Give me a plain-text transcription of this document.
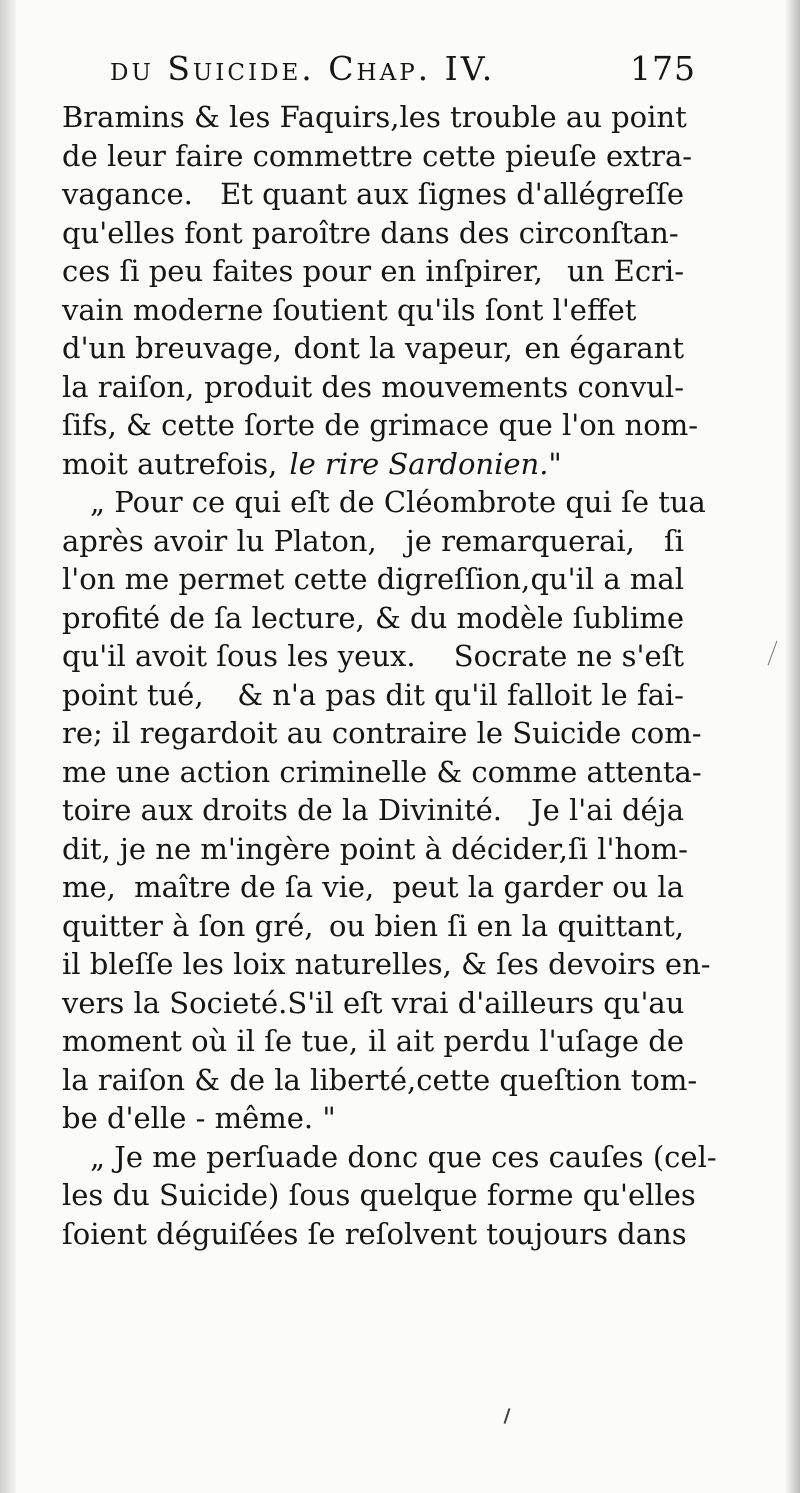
du Suicide. Chap. IV.	175
Bramins & les Faquirs, les trouble au point
de leur faire commettre cette pieuſe extra-
vagance. Et quant aux ſignes d'allégreſſe
qu'elles font paroître dans des circonſtan-
ces ſi peu faites pour en inſpirer, un Ecri-
vain moderne ſoutient qu'ils ſont l'effet
d'un breuvage, dont la vapeur, en égarant
la raiſon, produit des mouvements convul-
ſifs, & cette ſorte de grimace que l'on nom-
moit autrefois, le rire Sardonien."
„ Pour ce qui eſt de Cléombrote qui ſe tua
après avoir lu Platon, je remarquerai, ſi
l'on me permet cette digreſſion, qu'il a mal
profité de ſa lecture, & du modèle ſublime
qu'il avoit ſous les yeux. Socrate ne s'eſt
point tué, & n'a pas dit qu'il falloit le fai-
re; il regardoit au contraire le Suicide com-
me une action criminelle & comme attenta-
toire aux droits de la Divinité. Je l'ai déja
dit, je ne m'ingère point à décider, ſi l'hom-
me, maître de ſa vie, peut la garder ou la
quitter à ſon gré, ou bien ſi en la quittant,
il bleſſe les loix naturelles, & ſes devoirs en-
vers la Societé. S'il eſt vrai d'ailleurs qu'au
moment où il ſe tue, il ait perdu l'uſage de
la raiſon & de la liberté, cette queſtion tom-
be d'elle - même. "
„ Je me perſuade donc que ces cauſes (cel-
les du Suicide) ſous quelque forme qu'elles
ſoient déguiſées ſe reſolvent toujours dans
